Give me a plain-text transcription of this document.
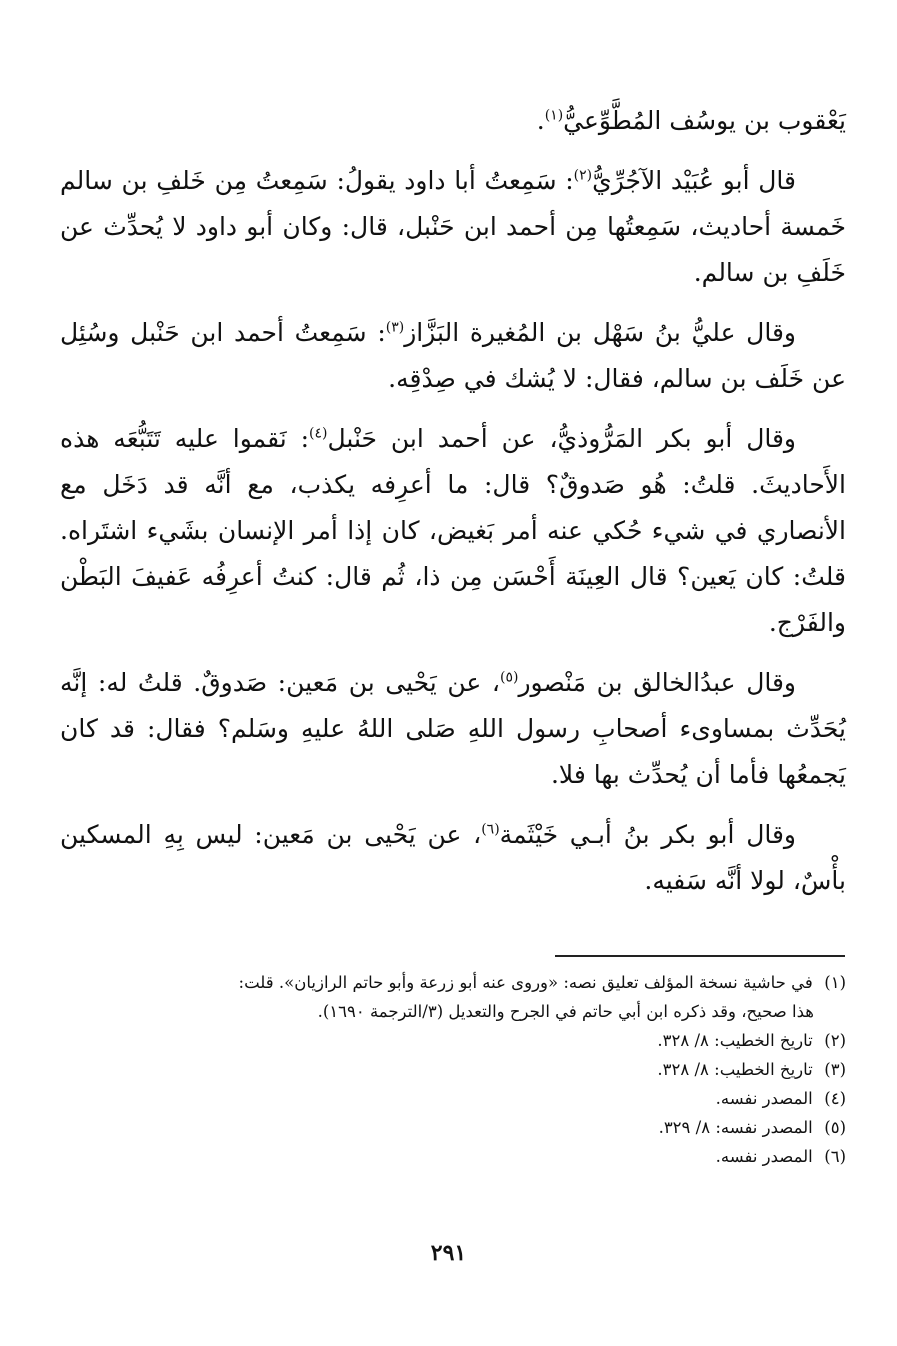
يَعْقوب بن يوسُف المُطَّوِّعيُّ$^{(١)}$.

قال أبو عُبَيْد الآجُرِّيُّ$^{(٢)}$: سَمِعتُ أبا داود يقولُ: سَمِعتُ مِن خَلفِ بن سالم خَمسة أحاديث، سَمِعتُها مِن أحمد ابن حَنْبل، قال: وكان أبو داود لا يُحدِّث عن خَلَفِ بن سالم.

وقال عليُّ بنُ سَهْل بن المُغيرة البَزَّاز$^{(٣)}$: سَمِعتُ أحمد ابن حَنْبل وسُئِل عن خَلَف بن سالم، فقال: لا يُشك في صِدْقِه.

وقال أبو بكر المَرُّوذيُّ، عن أحمد ابن حَنْبل$^{(٤)}$: نَقموا عليه تَتَبُّعَه هذه الأَحاديثَ. قلتُ: هُو صَدوقٌ؟ قال: ما أعرِفه يكذب، مع أنَّه قد دَخَل مع الأنصاري في شيء حُكي عنه أمر بَغيض، كان إذا أمر الإنسان بشَيء اشتَراه. قلتُ: كان يَعين؟ قال العِينَة أَحْسَن مِن ذا، ثُم قال: كنتُ أعرِفُه عَفيفَ البَطْن والفَرْج.

وقال عبدُالخالق بن مَنْصور$^{(٥)}$، عن يَحْيى بن مَعين: صَدوقٌ. قلتُ له: إنَّه يُحَدِّث بمساوىء أصحابِ رسول اللهِ صَلى اللهُ عليهِ وسَلم؟ فقال: قد كان يَجمعُها فأما أن يُحدِّث بها فلا.

وقال أبو بكر بنُ أبـي خَيْثَمة$^{(٦)}$، عن يَحْيى بن مَعين: ليس بِهِ المسكين بأْسٌ، لولا أنَّه سَفيه.

(١) في حاشية نسخة المؤلف تعليق نصه: «وروى عنه أبو زرعة وأبو حاتم الرازيان». قلت:

هذا صحيح، وقد ذكره ابن أبي حاتم في الجرح والتعديل (٣/الترجمة ١٦٩٠).

(٢) تاريخ الخطيب: ٨/ ٣٢٨.

(٣) تاريخ الخطيب: ٨/ ٣٢٨.

(٤) المصدر نفسه.

(٥) المصدر نفسه: ٨/ ٣٢٩.

(٦) المصدر نفسه.

٢٩١
